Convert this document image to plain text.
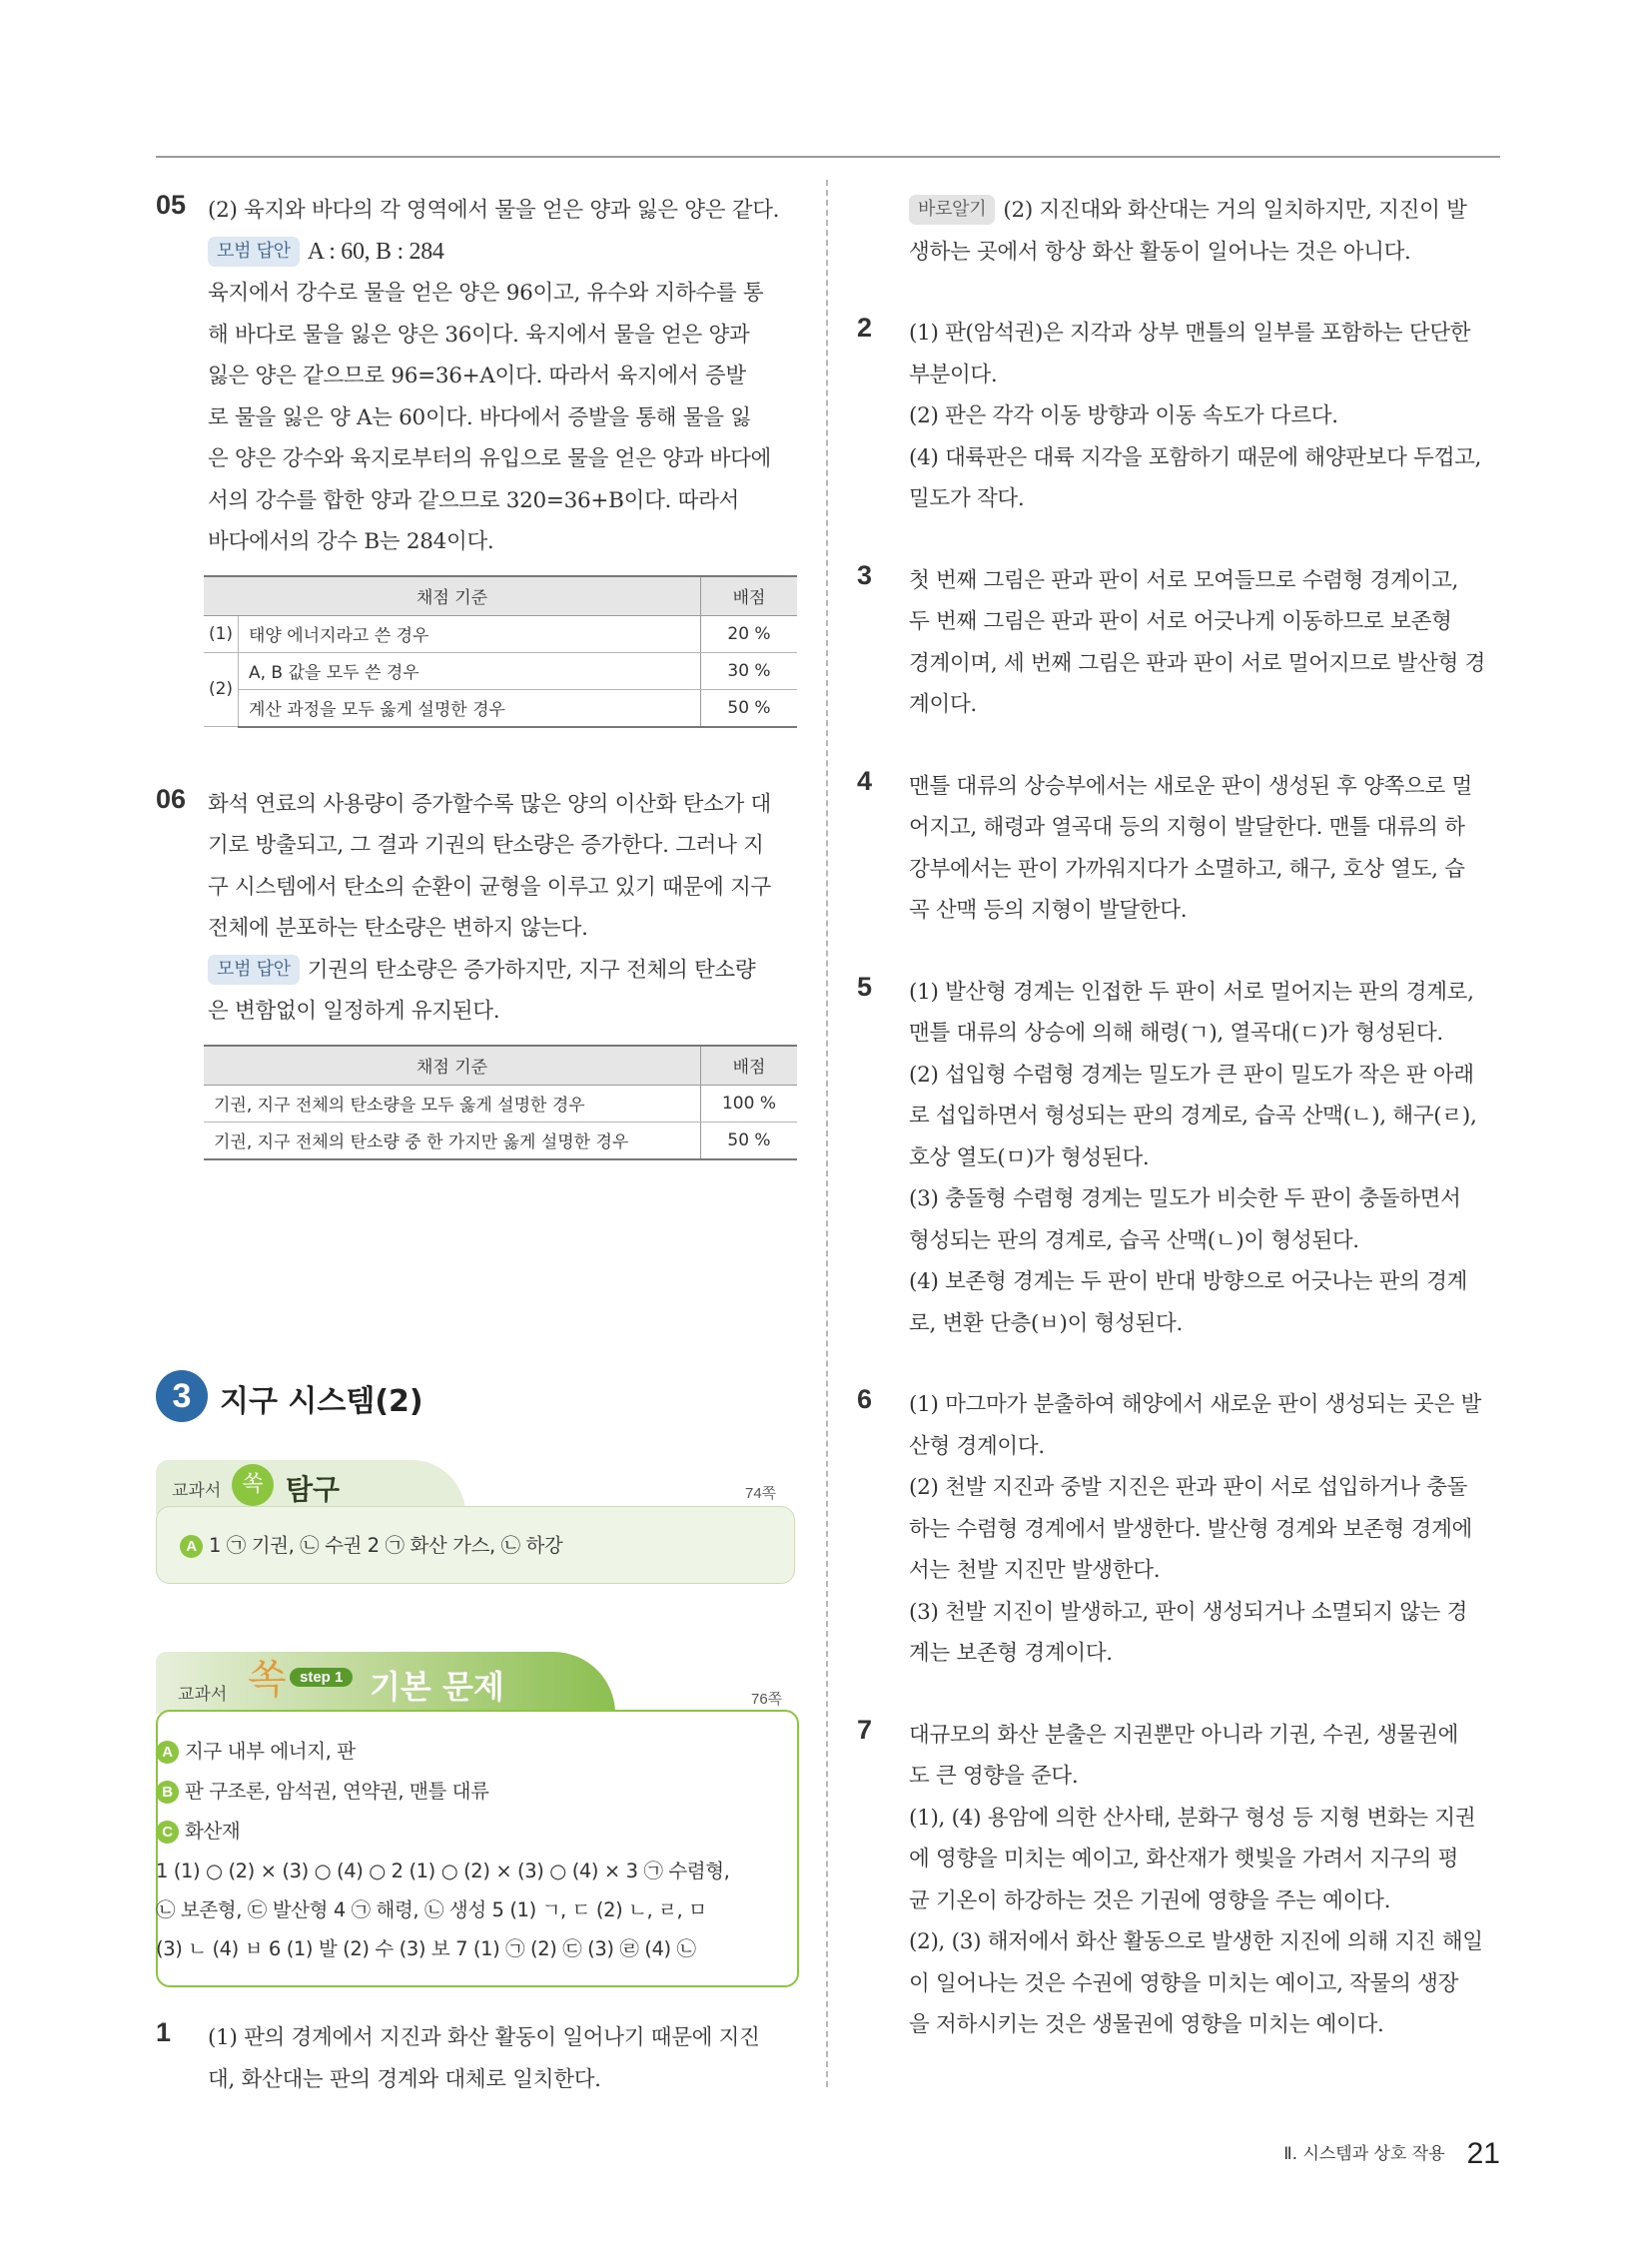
05 (2) 육지와 바다의 각 영역에서 물을 얻은 양과 잃은 양은 같다.
모범 답안 A : 60, B : 284
육지에서 강수로 물을 얻은 양은 96이고, 유수와 지하수를 통
해 바다로 물을 잃은 양은 36이다. 육지에서 물을 얻은 양과
잃은 양은 같으므로 96=36+A이다. 따라서 육지에서 증발
로 물을 잃은 양 A는 60이다. 바다에서 증발을 통해 물을 잃
은 양은 강수와 육지로부터의 유입으로 물을 얻은 양과 바다에
서의 강수를 합한 양과 같으므로 320=36+B이다. 따라서
바다에서의 강수 B는 284이다.
채점 기준		배점
(1)	태양 에너지라고 쓴 경우	20 %
(2)	A, B 값을 모두 쓴 경우	30 %
	계산 과정을 모두 옳게 설명한 경우	50 %
06 화석 연료의 사용량이 증가할수록 많은 양의 이산화 탄소가 대
기로 방출되고, 그 결과 기권의 탄소량은 증가한다. 그러나 지
구 시스템에서 탄소의 순환이 균형을 이루고 있기 때문에 지구
전체에 분포하는 탄소량은 변하지 않는다.
모범 답안 기권의 탄소량은 증가하지만, 지구 전체의 탄소량
은 변함없이 일정하게 유지된다.
채점 기준	배점
기권, 지구 전체의 탄소량을 모두 옳게 설명한 경우	100 %
기권, 지구 전체의 탄소량 중 한 가지만 옳게 설명한 경우	50 %
3 지구 시스템(2)
교과서 쏙 탐구	74쪽
A 1 ㉠ 기권, ㉡ 수권 2 ㉠ 화산 가스, ㉡ 하강
교과서 쏙 step 1 기본 문제	76쪽
A 지구 내부 에너지, 판
B 판 구조론, 암석권, 연약권, 맨틀 대류
C 화산재
1 (1) ○ (2) × (3) ○ (4) ○ 2 (1) ○ (2) × (3) ○ (4) × 3 ㉠ 수렴형,
㉡ 보존형, ㉢ 발산형 4 ㉠ 해령, ㉡ 생성 5 (1) ㄱ, ㄷ (2) ㄴ, ㄹ, ㅁ
(3) ㄴ (4) ㅂ 6 (1) 발 (2) 수 (3) 보 7 (1) ㉠ (2) ㉢ (3) ㉣ (4) ㉡
1 (1) 판의 경계에서 지진과 화산 활동이 일어나기 때문에 지진
대, 화산대는 판의 경계와 대체로 일치한다.
바로알기 (2) 지진대와 화산대는 거의 일치하지만, 지진이 발
생하는 곳에서 항상 화산 활동이 일어나는 것은 아니다.
2 (1) 판(암석권)은 지각과 상부 맨틀의 일부를 포함하는 단단한
부분이다.
(2) 판은 각각 이동 방향과 이동 속도가 다르다.
(4) 대륙판은 대륙 지각을 포함하기 때문에 해양판보다 두껍고,
밀도가 작다.
3 첫 번째 그림은 판과 판이 서로 모여들므로 수렴형 경계이고,
두 번째 그림은 판과 판이 서로 어긋나게 이동하므로 보존형
경계이며, 세 번째 그림은 판과 판이 서로 멀어지므로 발산형 경
계이다.
4 맨틀 대류의 상승부에서는 새로운 판이 생성된 후 양쪽으로 멀
어지고, 해령과 열곡대 등의 지형이 발달한다. 맨틀 대류의 하
강부에서는 판이 가까워지다가 소멸하고, 해구, 호상 열도, 습
곡 산맥 등의 지형이 발달한다.
5 (1) 발산형 경계는 인접한 두 판이 서로 멀어지는 판의 경계로,
맨틀 대류의 상승에 의해 해령(ㄱ), 열곡대(ㄷ)가 형성된다.
(2) 섭입형 수렴형 경계는 밀도가 큰 판이 밀도가 작은 판 아래
로 섭입하면서 형성되는 판의 경계로, 습곡 산맥(ㄴ), 해구(ㄹ),
호상 열도(ㅁ)가 형성된다.
(3) 충돌형 수렴형 경계는 밀도가 비슷한 두 판이 충돌하면서
형성되는 판의 경계로, 습곡 산맥(ㄴ)이 형성된다.
(4) 보존형 경계는 두 판이 반대 방향으로 어긋나는 판의 경계
로, 변환 단층(ㅂ)이 형성된다.
6 (1) 마그마가 분출하여 해양에서 새로운 판이 생성되는 곳은 발
산형 경계이다.
(2) 천발 지진과 중발 지진은 판과 판이 서로 섭입하거나 충돌
하는 수렴형 경계에서 발생한다. 발산형 경계와 보존형 경계에
서는 천발 지진만 발생한다.
(3) 천발 지진이 발생하고, 판이 생성되거나 소멸되지 않는 경
계는 보존형 경계이다.
7 대규모의 화산 분출은 지권뿐만 아니라 기권, 수권, 생물권에
도 큰 영향을 준다.
(1), (4) 용암에 의한 산사태, 분화구 형성 등 지형 변화는 지권
에 영향을 미치는 예이고, 화산재가 햇빛을 가려서 지구의 평
균 기온이 하강하는 것은 기권에 영향을 주는 예이다.
(2), (3) 해저에서 화산 활동으로 발생한 지진에 의해 지진 해일
이 일어나는 것은 수권에 영향을 미치는 예이고, 작물의 생장
을 저하시키는 것은 생물권에 영향을 미치는 예이다.
Ⅱ. 시스템과 상호 작용 21
